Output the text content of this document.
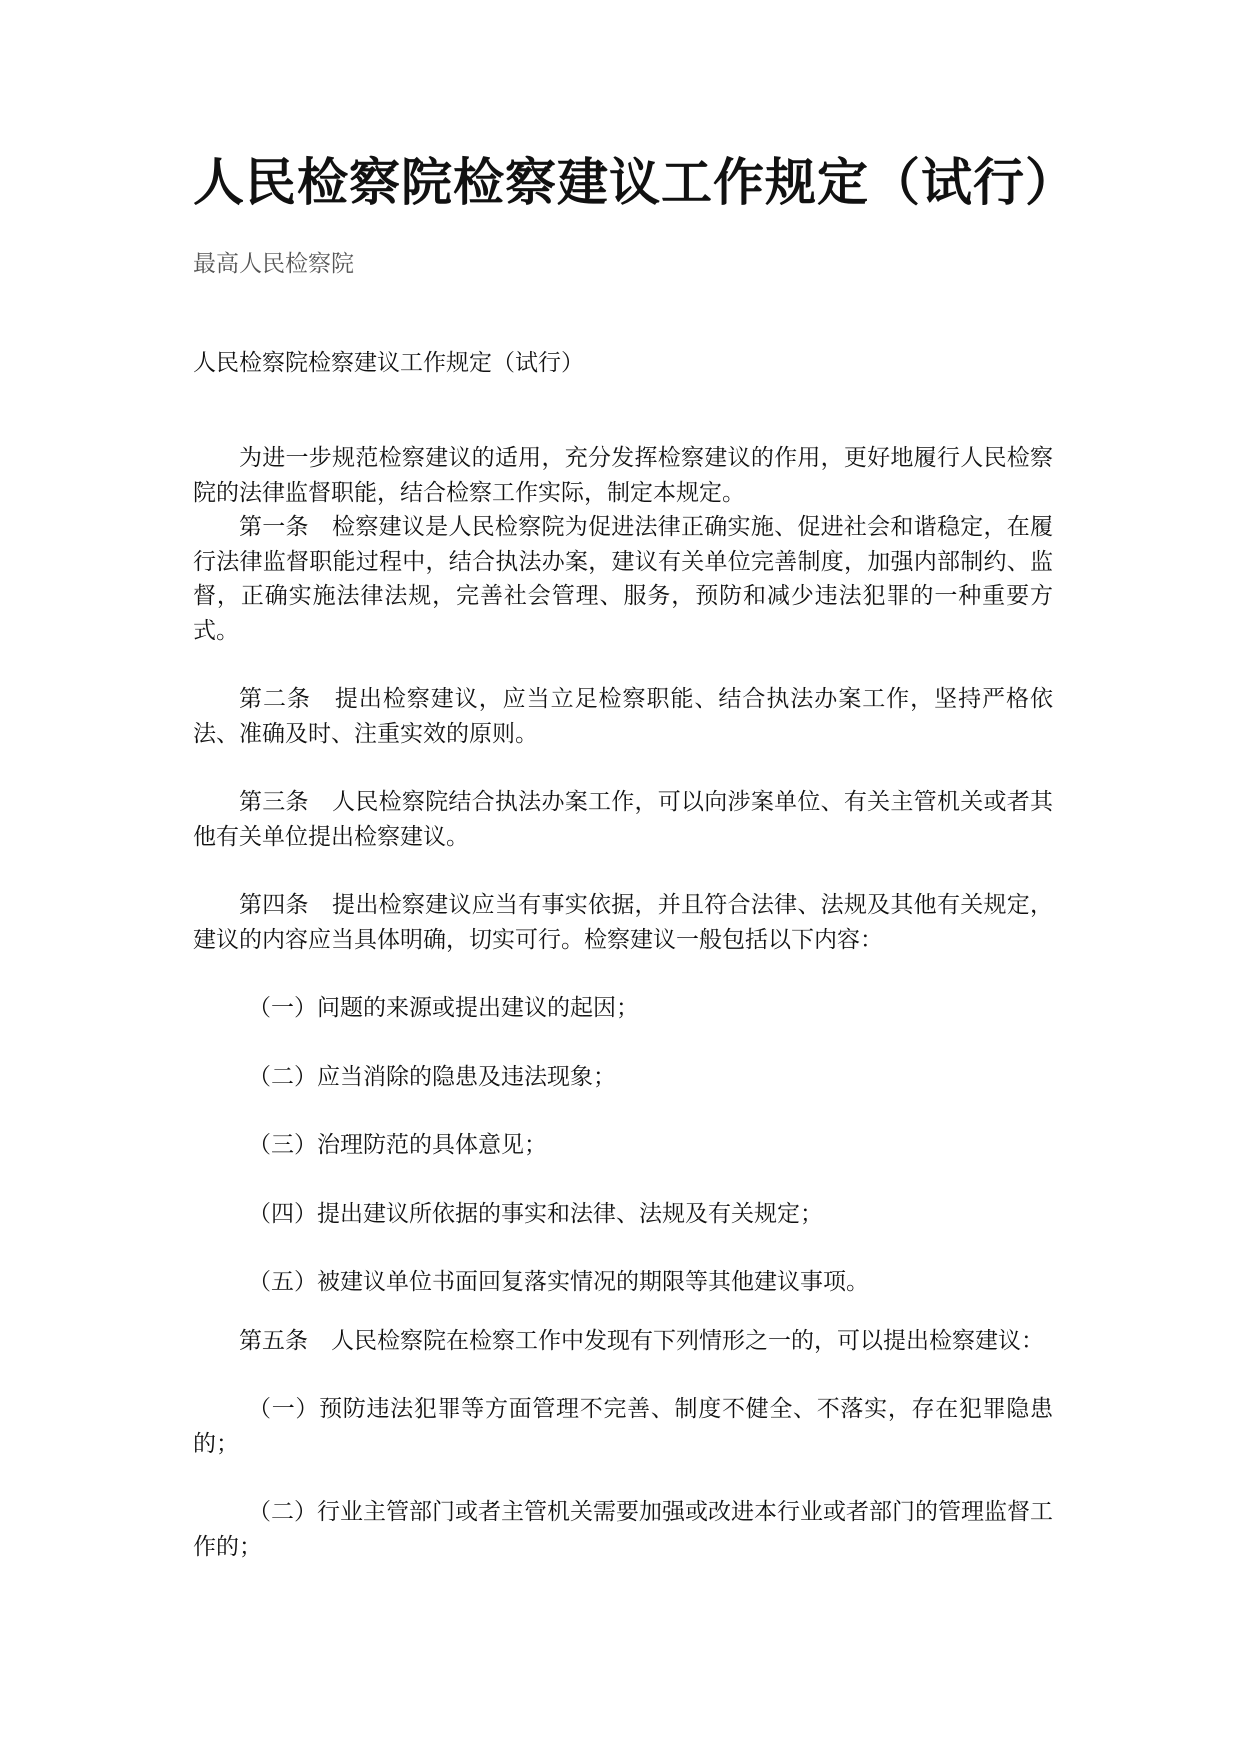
人民检察院检察建议工作规定（试行）
最高人民检察院
人民检察院检察建议工作规定（试行）

为进一步规范检察建议的适用，充分发挥检察建议的作用，更好地履行人民检察院的法律监督职能，结合检察工作实际，制定本规定。

第一条　检察建议是人民检察院为促进法律正确实施、促进社会和谐稳定，在履行法律监督职能过程中，结合执法办案，建议有关单位完善制度，加强内部制约、监督，正确实施法律法规，完善社会管理、服务，预防和减少违法犯罪的一种重要方式。

第二条　提出检察建议，应当立足检察职能、结合执法办案工作，坚持严格依法、准确及时、注重实效的原则。

第三条　人民检察院结合执法办案工作，可以向涉案单位、有关主管机关或者其他有关单位提出检察建议。

第四条　提出检察建议应当有事实依据，并且符合法律、法规及其他有关规定，建议的内容应当具体明确，切实可行。检察建议一般包括以下内容：

（一）问题的来源或提出建议的起因；

（二）应当消除的隐患及违法现象；

（三）治理防范的具体意见；

（四）提出建议所依据的事实和法律、法规及有关规定；

（五）被建议单位书面回复落实情况的期限等其他建议事项。

第五条　人民检察院在检察工作中发现有下列情形之一的，可以提出检察建议：

（一）预防违法犯罪等方面管理不完善、制度不健全、不落实，存在犯罪隐患的；

（二）行业主管部门或者主管机关需要加强或改进本行业或者部门的管理监督工作的；
